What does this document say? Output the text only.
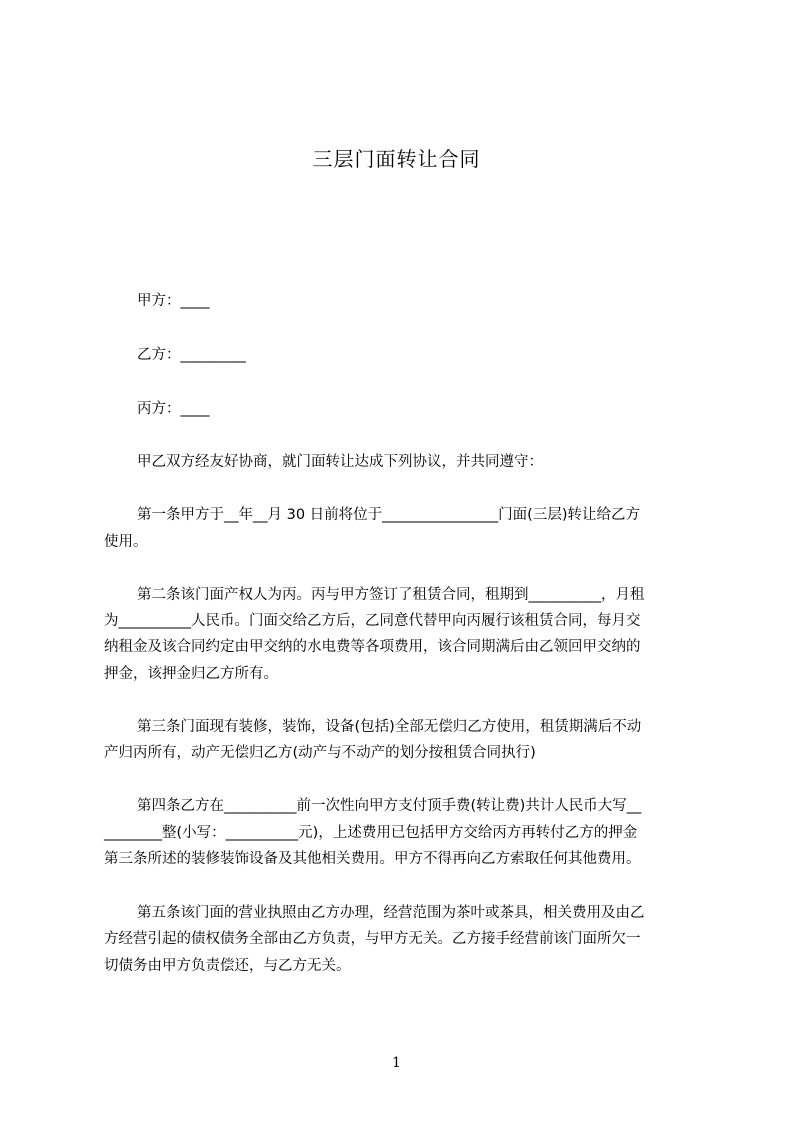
三层门面转让合同
甲方：____
乙方：_________
丙方：____
甲乙双方经友好协商，就门面转让达成下列协议，并共同遵守：
第一条甲方于__年__月 30 日前将位于________________门面(三层)转让给乙方
使用。
第二条该门面产权人为丙。丙与甲方签订了租赁合同，租期到__________，月租
为__________人民币。门面交给乙方后，乙同意代替甲向丙履行该租赁合同，每月交
纳租金及该合同约定由甲交纳的水电费等各项费用，该合同期满后由乙领回甲交纳的
押金，该押金归乙方所有。
第三条门面现有装修，装饰，设备(包括)全部无偿归乙方使用，租赁期满后不动
产归丙所有，动产无偿归乙方(动产与不动产的划分按租赁合同执行)
第四条乙方在__________前一次性向甲方支付顶手费(转让费)共计人民币大写__
________整(小写：__________元)，上述费用已包括甲方交给丙方再转付乙方的押金
第三条所述的装修装饰设备及其他相关费用。甲方不得再向乙方索取任何其他费用。
第五条该门面的营业执照由乙方办理，经营范围为茶叶或茶具，相关费用及由乙
方经营引起的债权债务全部由乙方负责，与甲方无关。乙方接手经营前该门面所欠一
切债务由甲方负责偿还，与乙方无关。
1
